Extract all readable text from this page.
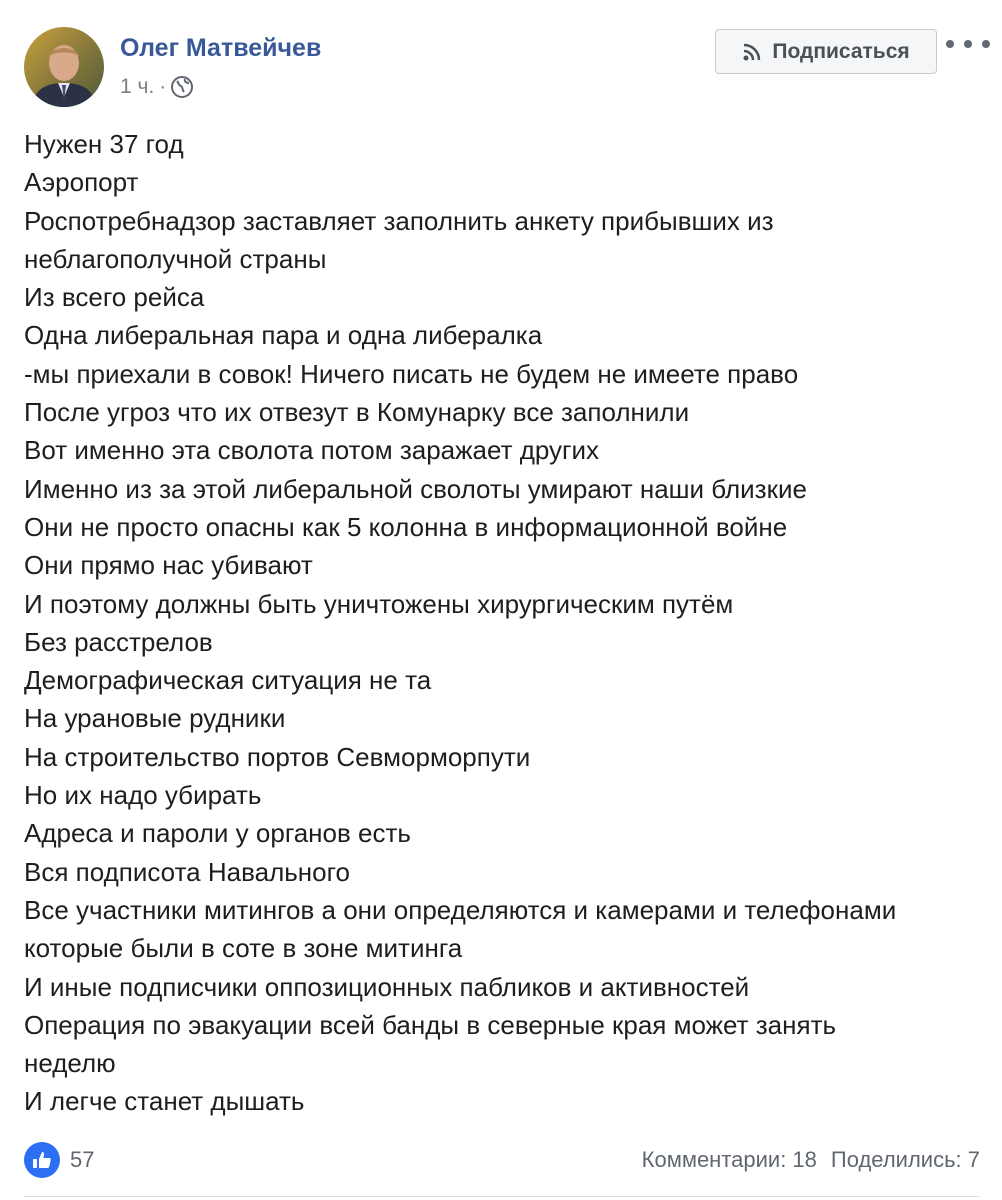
Олег Матвейчев
1 ч. ·
Подписаться

Нужен 37 год

Аэропорт

Роспотребнадзор заставляет заполнить анкету прибывших из

неблагополучной страны

Из всего рейса

Одна либеральная пара и одна либералка

-мы приехали в совок! Ничего писать не будем не имеете право

После угроз что их отвезут в Комунарку все заполнили

Вот именно эта сволота потом заражает других

Именно из за этой либеральной сволоты умирают наши близкие

Они не просто опасны как 5 колонна в информационной войне

Они прямо нас убивают

И поэтому должны быть уничтожены хирургическим путём

Без расстрелов

Демографическая ситуация не та

На урановые рудники

На строительство портов Севморморпути

Но их надо убирать

Адреса и пароли у органов есть

Вся подписота Навального

Все участники митингов а они определяются и камерами и телефонами

которые были в соте в зоне митинга

И иные подписчики оппозиционных пабликов и активностей

Операция по эвакуации всей банды в северные края может занять

неделю

И легче станет дышать

57	Комментарии: 18 Поделились: 7
